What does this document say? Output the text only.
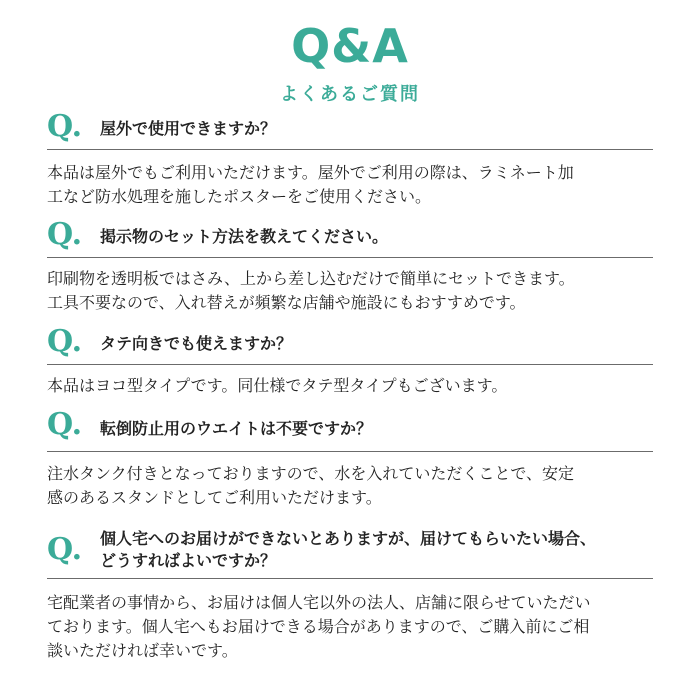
Q&A
よくあるご質問
Q. 屋外で使用できますか？
本品は屋外でもご利用いただけます。屋外でご利用の際は、ラミネート加
工など防水処理を施したポスターをご使用ください。
Q. 掲示物のセット方法を教えてください。
印刷物を透明板ではさみ、上から差し込むだけで簡単にセットできます。
工具不要なので、入れ替えが頻繁な店舗や施設にもおすすめです。
Q. タテ向きでも使えますか？
本品はヨコ型タイプです。同仕様でタテ型タイプもございます。
Q. 転倒防止用のウエイトは不要ですか？
注水タンク付きとなっておりますので、水を入れていただくことで、安定
感のあるスタンドとしてご利用いただけます。
Q. 個人宅へのお届けができないとありますが、届けてもらいたい場合、
どうすればよいですか？
宅配業者の事情から、お届けは個人宅以外の法人、店舗に限らせていただい
ております。個人宅へもお届けできる場合がありますので、ご購入前にご相
談いただければ幸いです。
